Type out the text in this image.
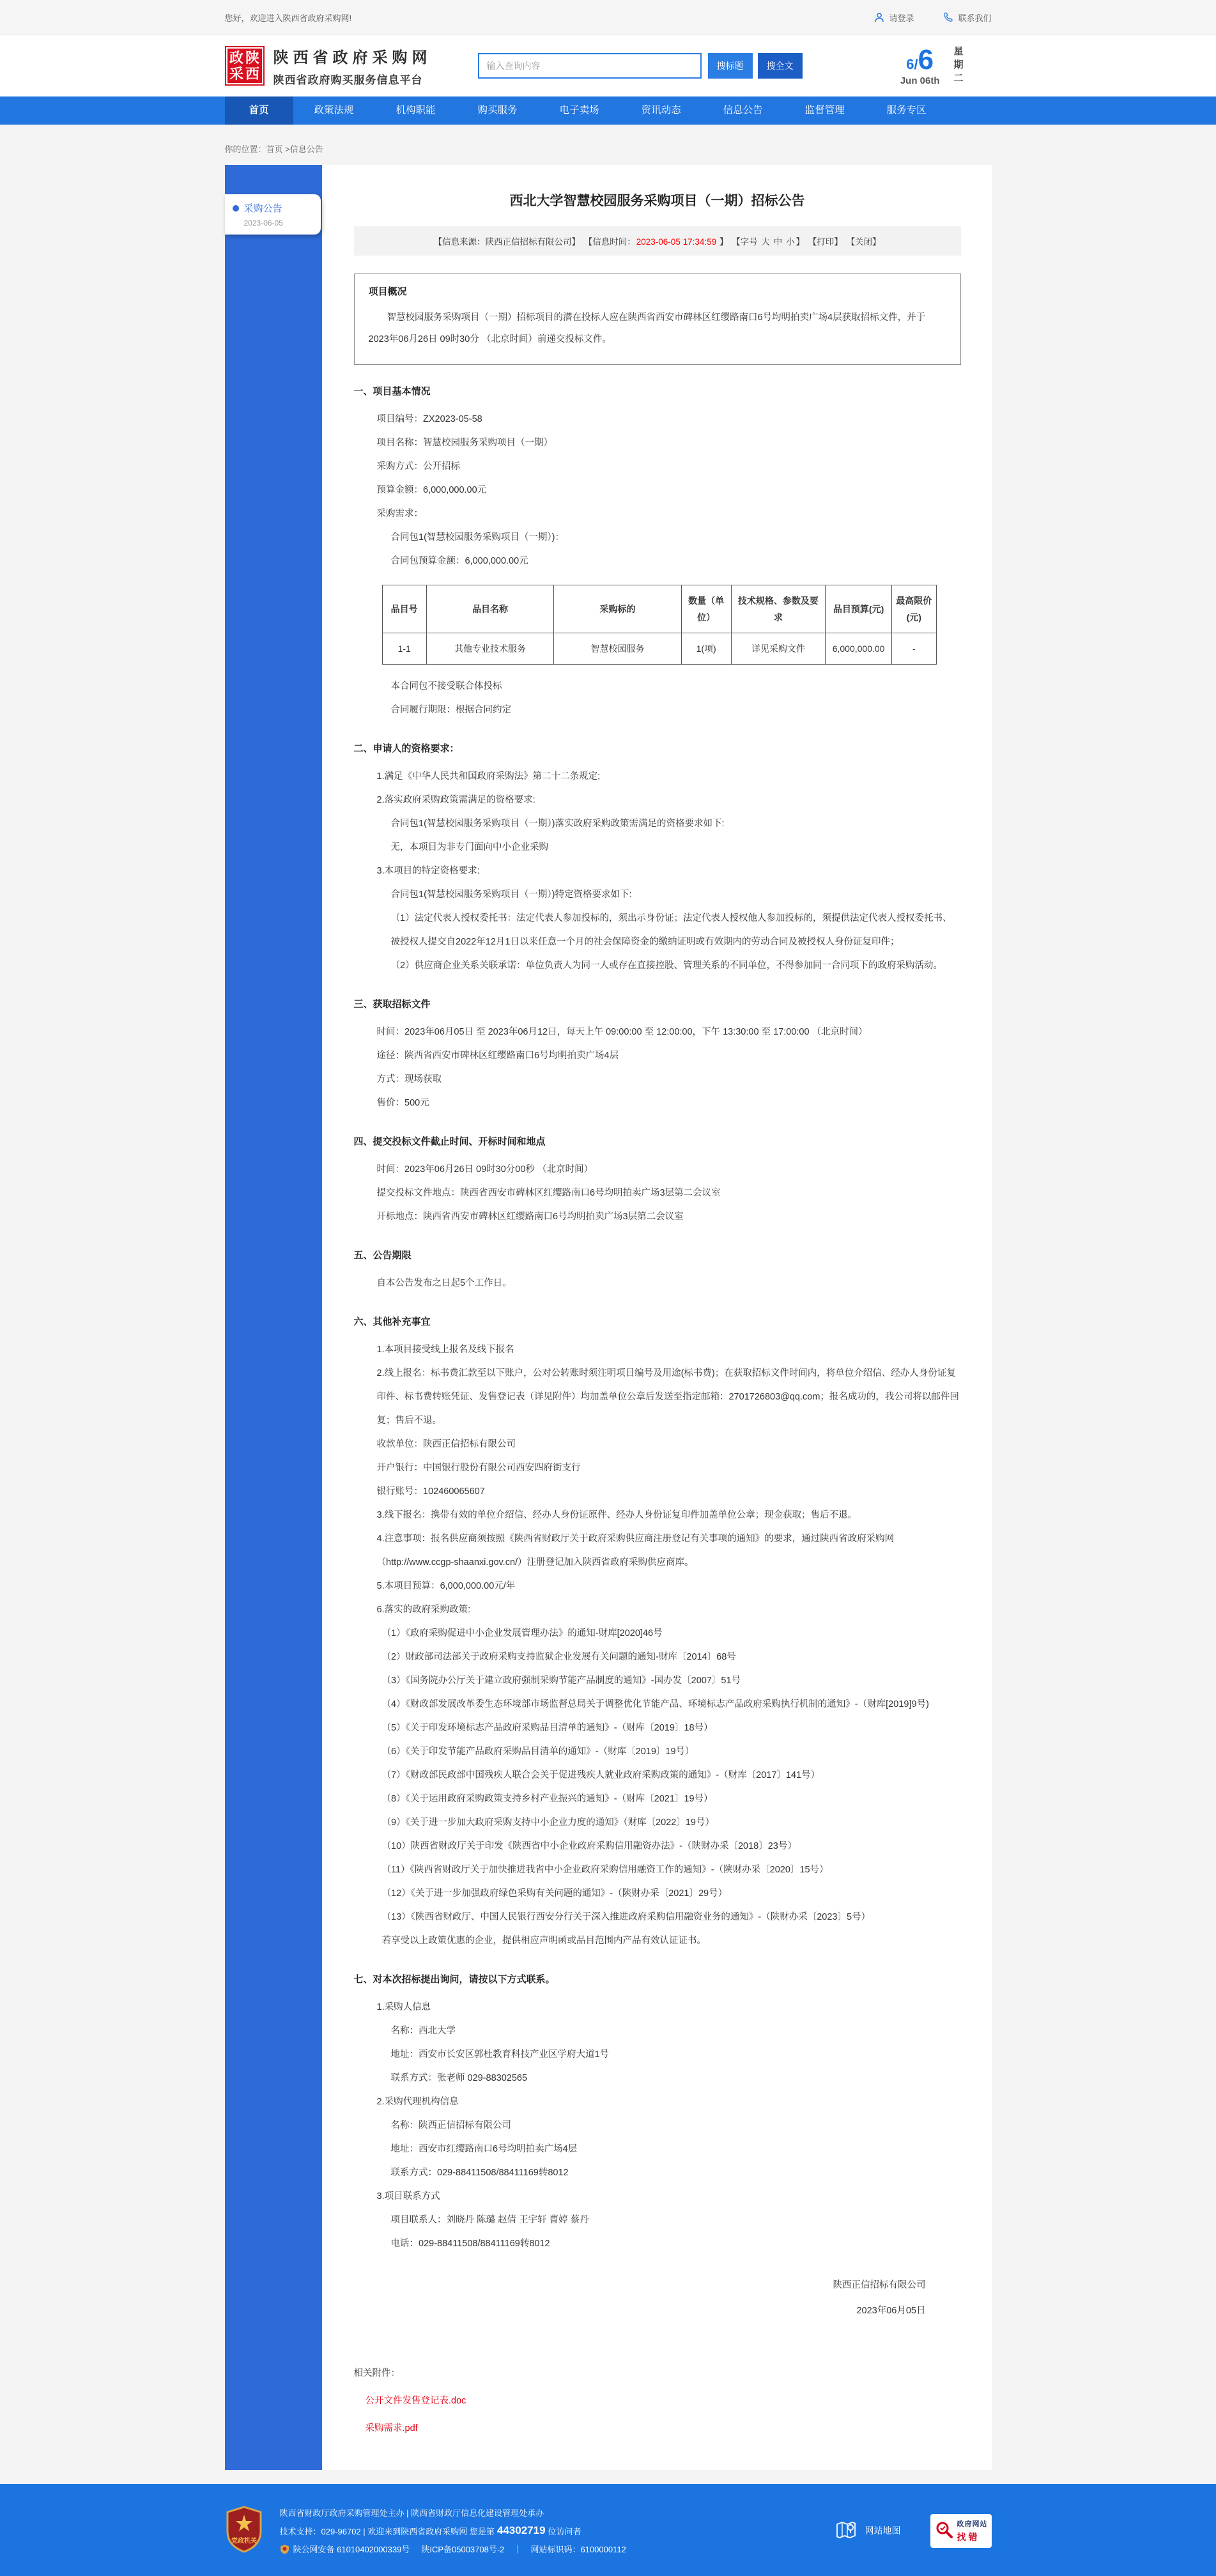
您好，欢迎进入陕西省政府采购网!	请登录	联系我们
政 陕
采 西
陕西省政府采购网
陕西省政府购买服务信息平台
输入查询内容
搜标题	搜全文	6/6
Jun 06th 星期二
首页	政策法规	机构职能	购买服务	电子卖场	资讯动态	信息公告	监督管理	服务专区
你的位置：首页 >信息公告
采购公告
2023-06-05
西北大学智慧校园服务采购项目（一期）招标公告
【信息来源：陕西正信招标有限公司】 【信息时间：2023-06-05 17:34:59 】 【字号 大 中 小 】 【打印】 【关闭】
项目概况

智慧校园服务采购项目（一期）招标项目的潜在投标人应在陕西省西安市碑林区红缨路南口6号均明拍卖广场4层获取招标文件，并于 2023年06月26日 09时30分 （北京时间）前递交投标文件。

一、项目基本情况

项目编号：ZX2023-05-58

项目名称：智慧校园服务采购项目（一期）

采购方式：公开招标

预算金额：6,000,000.00元

采购需求：

合同包1(智慧校园服务采购项目（一期）)：

合同包预算金额：6,000,000.00元

品目号	品目名称	采购标的	数量（单位）	技术规格、参数及要求	品目预算(元)	最高限价(元)
1-1	其他专业技术服务	智慧校园服务	1(项)	详见采购文件	6,000,000.00	-

本合同包不接受联合体投标

合同履行期限：根据合同约定

二、申请人的资格要求：

1.满足《中华人民共和国政府采购法》第二十二条规定;

2.落实政府采购政策需满足的资格要求:

合同包1(智慧校园服务采购项目（一期）)落实政府采购政策需满足的资格要求如下:

无，本项目为非专门面向中小企业采购

3.本项目的特定资格要求:

合同包1(智慧校园服务采购项目（一期）)特定资格要求如下:

（1）法定代表人授权委托书：法定代表人参加投标的，须出示身份证；法定代表人授权他人参加投标的，须提供法定代表人授权委托书、被授权人提交自2022年12月1日以来任意一个月的社会保障资金的缴纳证明或有效期内的劳动合同及被授权人身份证复印件；

（2）供应商企业关系关联承诺：单位负责人为同一人或存在直接控股、管理关系的不同单位，不得参加同一合同项下的政府采购活动。

三、获取招标文件

时间：2023年06月05日 至 2023年06月12日，每天上午 09:00:00 至 12:00:00，下午 13:30:00 至 17:00:00 （北京时间）

途径：陕西省西安市碑林区红缨路南口6号均明拍卖广场4层

方式：现场获取

售价：500元

四、提交投标文件截止时间、开标时间和地点

时间：2023年06月26日 09时30分00秒 （北京时间）

提交投标文件地点：陕西省西安市碑林区红缨路南口6号均明拍卖广场3层第二会议室

开标地点：陕西省西安市碑林区红缨路南口6号均明拍卖广场3层第二会议室

五、公告期限

自本公告发布之日起5个工作日。

六、其他补充事宜

1.本项目接受线上报名及线下报名

2.线上报名：标书费汇款至以下账户，公对公转账时须注明项目编号及用途(标书费)；在获取招标文件时间内，将单位介绍信、经办人身份证复印件、标书费转账凭证、发售登记表（详见附件）均加盖单位公章后发送至指定邮箱：2701726803@qq.com；报名成功的，我公司将以邮件回复；售后不退。

收款单位：陕西正信招标有限公司

开户银行：中国银行股份有限公司西安四府街支行

银行账号：102460065607

3.线下报名：携带有效的单位介绍信、经办人身份证原件、经办人身份证复印件加盖单位公章；现金获取；售后不退。

4.注意事项：报名供应商须按照《陕西省财政厅关于政府采购供应商注册登记有关事项的通知》的要求，通过陕西省政府采购网（http://www.ccgp-shaanxi.gov.cn/）注册登记加入陕西省政府采购供应商库。

5.本项目预算：6,000,000.00元/年

6.落实的政府采购政策:

（1）《政府采购促进中小企业发展管理办法》的通知-财库[2020]46号

（2）财政部司法部关于政府采购支持监狱企业发展有关问题的通知-财库〔2014〕68号

（3）《国务院办公厅关于建立政府强制采购节能产品制度的通知》-国办发〔2007〕51号

（4）《财政部发展改革委生态环境部市场监督总局关于调整优化节能产品、环境标志产品政府采购执行机制的通知》-（财库[2019]9号)

（5）《关于印发环境标志产品政府采购品目清单的通知》-（财库〔2019〕18号）

（6）《关于印发节能产品政府采购品目清单的通知》-（财库〔2019〕19号）

（7）《财政部民政部中国残疾人联合会关于促进残疾人就业政府采购政策的通知》-（财库〔2017〕141号）

（8）《关于运用政府采购政策支持乡村产业振兴的通知》-（财库〔2021〕19号）

（9）《关于进一步加大政府采购支持中小企业力度的通知》（财库〔2022〕19号）

（10）陕西省财政厅关于印发《陕西省中小企业政府采购信用融资办法》-（陕财办采〔2018〕23号）

（11）《陕西省财政厅关于加快推进我省中小企业政府采购信用融资工作的通知》-（陕财办采〔2020〕15号）

（12）《关于进一步加强政府绿色采购有关问题的通知》-（陕财办采〔2021〕29号）

（13）《陕西省财政厅、中国人民银行西安分行关于深入推进政府采购信用融资业务的通知》-（陕财办采〔2023〕5号）

若享受以上政策优惠的企业，提供相应声明函或品目范围内产品有效认证证书。

七、对本次招标提出询问，请按以下方式联系。

1.采购人信息

名称：西北大学

地址：西安市长安区郭杜教育科技产业区学府大道1号

联系方式：张老师 029-88302565

2.采购代理机构信息

名称：陕西正信招标有限公司

地址：西安市红缨路南口6号均明拍卖广场4层

联系方式：029-88411508/88411169转8012

3.项目联系方式

项目联系人：刘晓丹 陈璐 赵倩 王宇轩 曹婷 蔡丹

电话：029-88411508/88411169转8012

陕西正信招标有限公司

2023年06月05日

相关附件：
公开文件发售登记表.doc
采购需求.pdf
党政机关
陕西省财政厅政府采购管理处主办 | 陕西省财政厅信息化建设管理处承办
技术支持：029-96702 | 欢迎来到陕西省政府采购网 您是第 44302719 位访问者
陕公网安备 61010402000339号 陕ICP备05003708号-2 ｜ 网站标识码：6100000112
网站地图
政府网站
找错
